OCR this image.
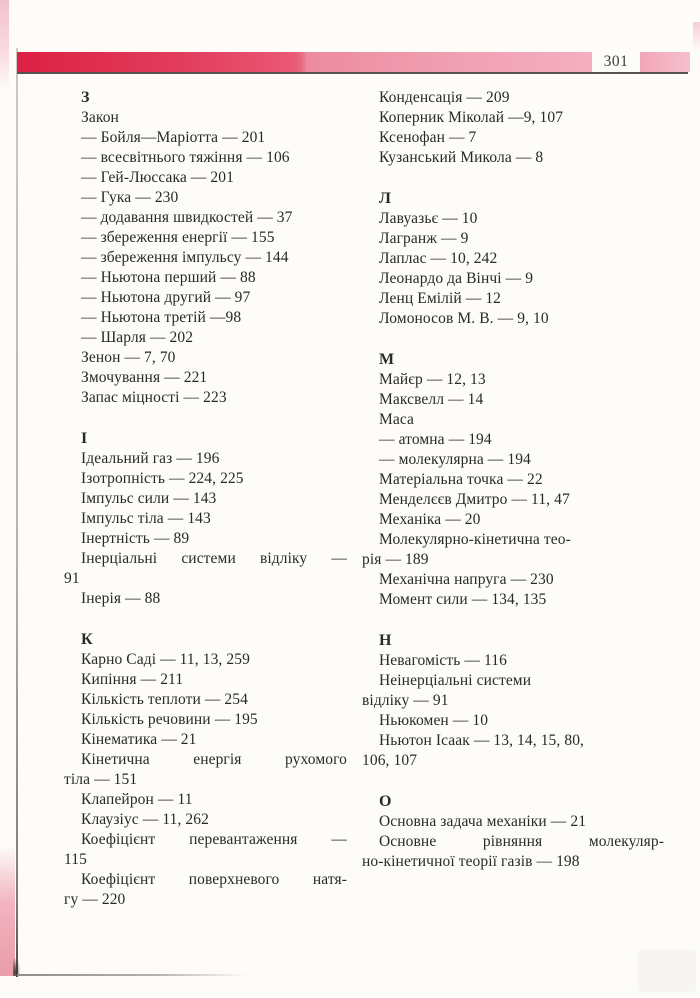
301
З
Закон
— Бойля—Маріотта — 201
— всесвітнього тяжіння — 106
— Гей-Люссака — 201
— Гука — 230
— додавання швидкостей — 37
— збереження енергії — 155
— збереження імпульсу — 144
— Ньютона перший — 88
— Ньютона другий — 97
— Ньютона третій —98
— Шарля — 202
Зенон — 7, 70
Змочування — 221
Запас міцності — 223
І
Ідеальний газ — 196
Ізотропність — 224, 225
Імпульс сили — 143
Імпульс тіла — 143
Інертність — 89
Інерціальні системи відліку —
91
Інерія — 88
К
Карно Саді — 11, 13, 259
Кипіння — 211
Кількість теплоти — 254
Кількість речовини — 195
Кінематика — 21
Кінетична енергія рухомого
тіла — 151
Клапейрон — 11
Клаузіус — 11, 262
Коефіцієнт перевантаження —
115
Коефіцієнт поверхневого натя-
гу — 220
Конденсація — 209
Коперник Міколай —9, 107
Ксенофан — 7
Кузанський Микола — 8
Л
Лавуазьє — 10
Лагранж — 9
Лаплас — 10, 242
Леонардо да Вінчі — 9
Ленц Емілій — 12
Ломоносов М. В. — 9, 10
М
Майєр — 12, 13
Максвелл — 14
Маса
— атомна — 194
— молекулярна — 194
Матеріальна точка — 22
Менделєєв Дмитро — 11, 47
Механіка — 20
Молекулярно-кінетична тео-
рія — 189
Механічна напруга — 230
Момент сили — 134, 135
Н
Невагомість — 116
Неінерціальні системи
відліку — 91
Ньюкомен — 10
Ньютон Ісаак — 13, 14, 15, 80,
106, 107
О
Основна задача механіки — 21
Основне рівняння молекуляр-
но-кінетичної теорії газів — 198
